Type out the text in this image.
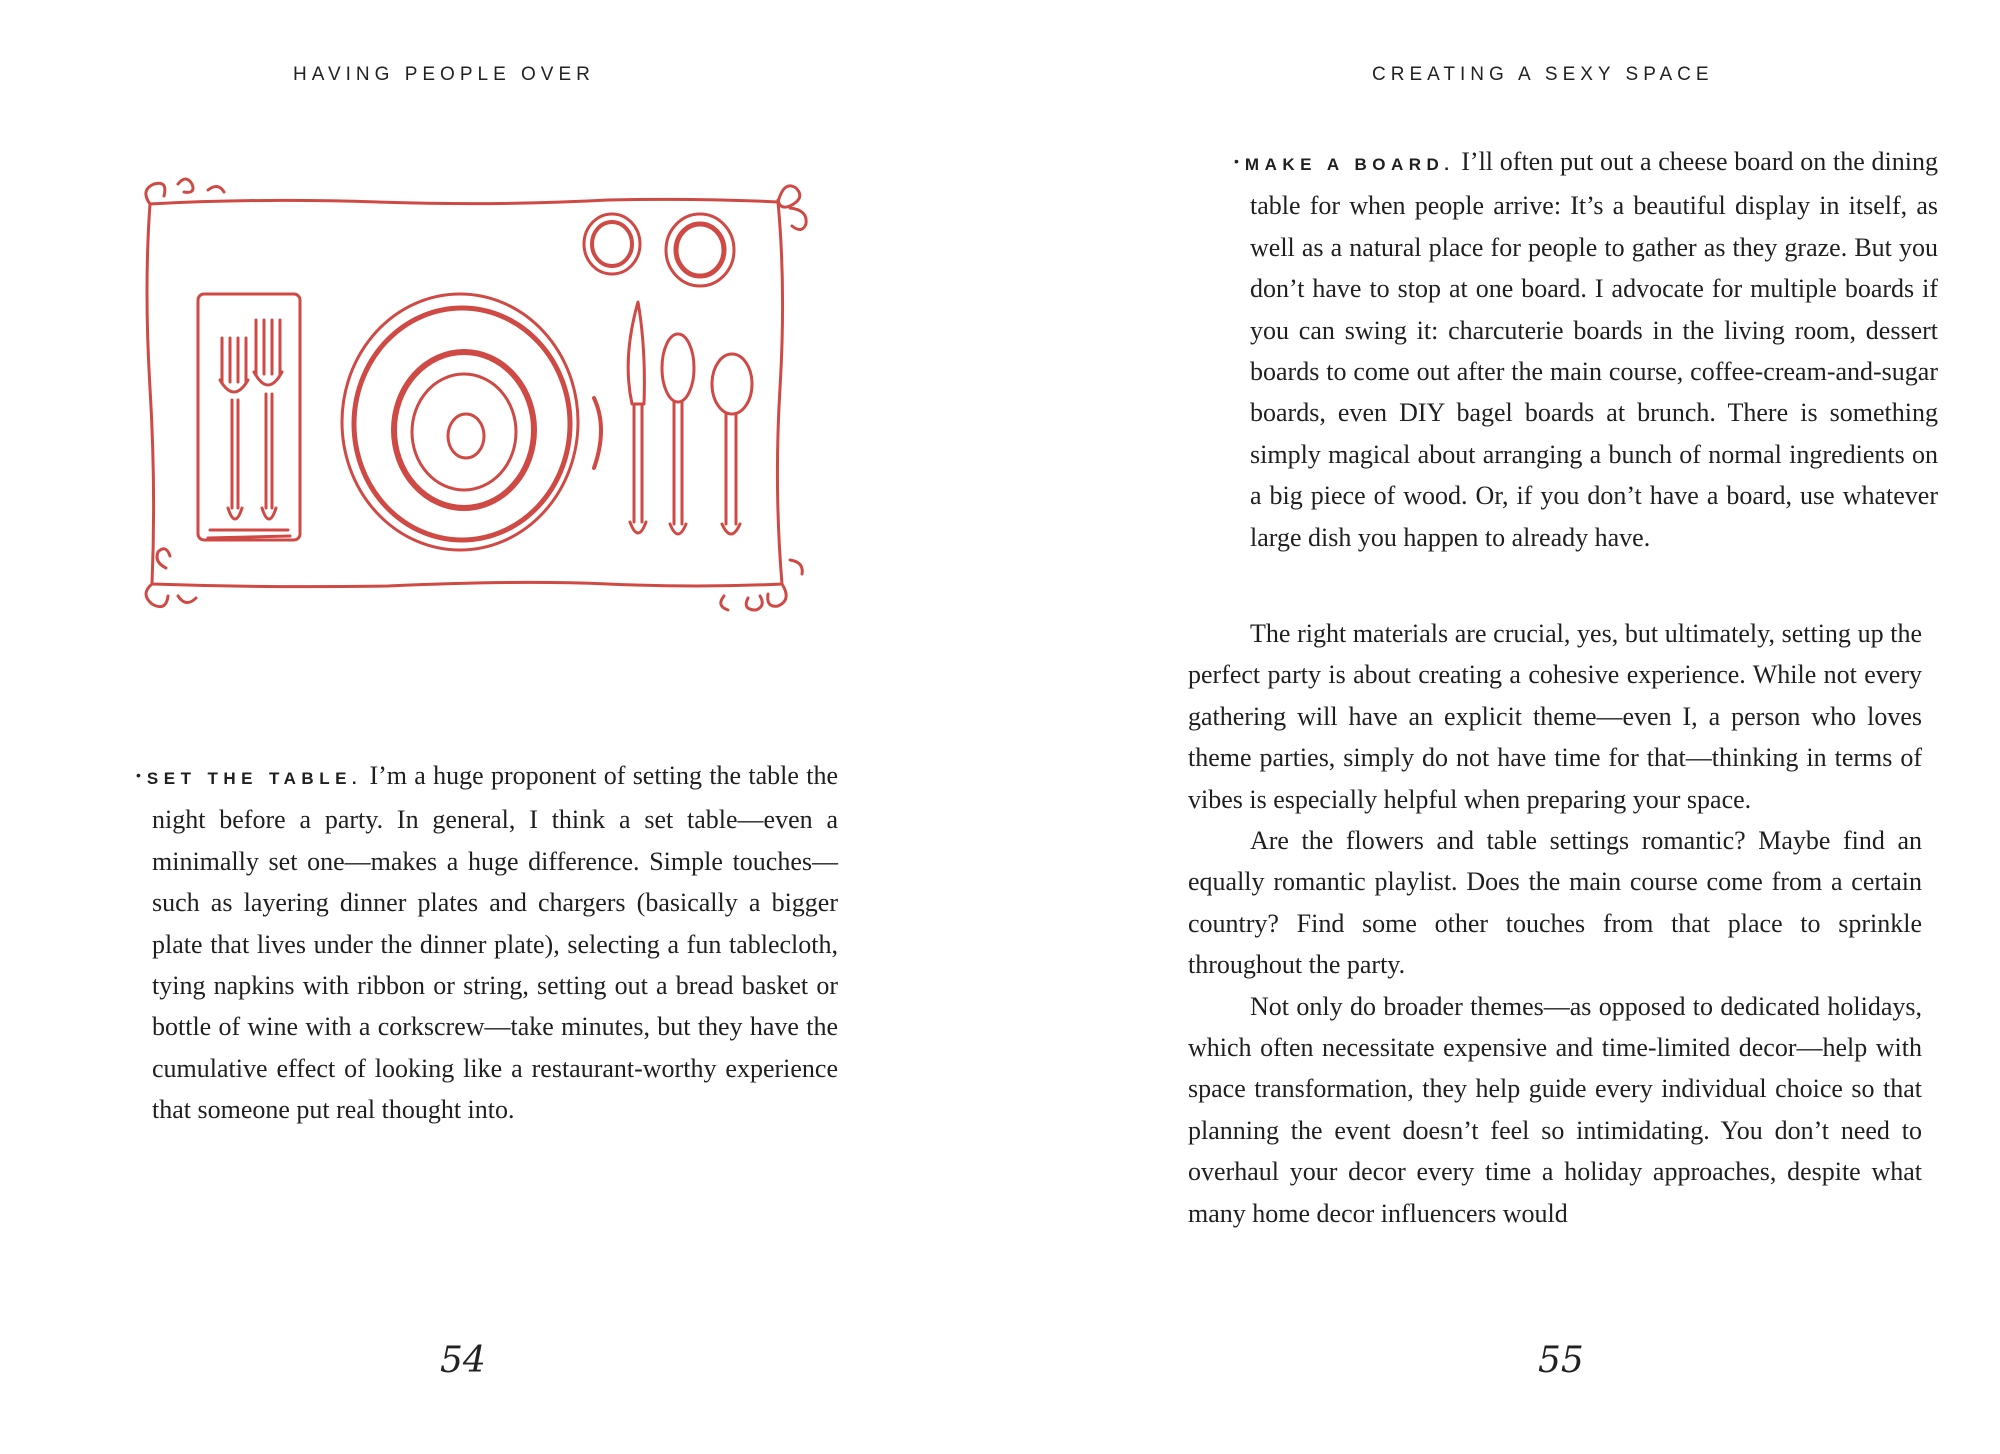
HAVING PEOPLE OVER
• SET THE TABLE. I’m a huge proponent of setting the table the night before a party. In general, I think a set table—even a minimally set one—makes a huge difference. Simple touches—such as layering dinner plates and chargers (basically a bigger plate that lives under the dinner plate), selecting a fun tablecloth, tying napkins with ribbon or string, setting out a bread basket or bottle of wine with a corkscrew—take minutes, but they have the cumulative effect of looking like a restaurant-worthy experience that someone put real thought into.
54
CREATING A SEXY SPACE
• MAKE A BOARD. I’ll often put out a cheese board on the dining table for when people arrive: It’s a beautiful display in itself, as well as a natural place for people to gather as they graze. But you don’t have to stop at one board. I advocate for multiple boards if you can swing it: charcuterie boards in the living room, dessert boards to come out after the main course, coffee-cream-and-sugar boards, even DIY bagel boards at brunch. There is something simply magical about arranging a bunch of normal ingredients on a big piece of wood. Or, if you don’t have a board, use whatever large dish you happen to already have.

The right materials are crucial, yes, but ultimately, setting up the perfect party is about creating a cohesive experience. While not every gathering will have an explicit theme—even I, a person who loves theme parties, simply do not have time for that—thinking in terms of vibes is especially helpful when preparing your space.

Are the flowers and table settings romantic? Maybe find an equally romantic playlist. Does the main course come from a certain country? Find some other touches from that place to sprinkle throughout the party.

Not only do broader themes—as opposed to dedicated holidays, which often necessitate expensive and time-limited decor—help with space transformation, they help guide every individual choice so that planning the event doesn’t feel so intimidating. You don’t need to overhaul your decor every time a holiday approaches, despite what many home decor influencers would

55
